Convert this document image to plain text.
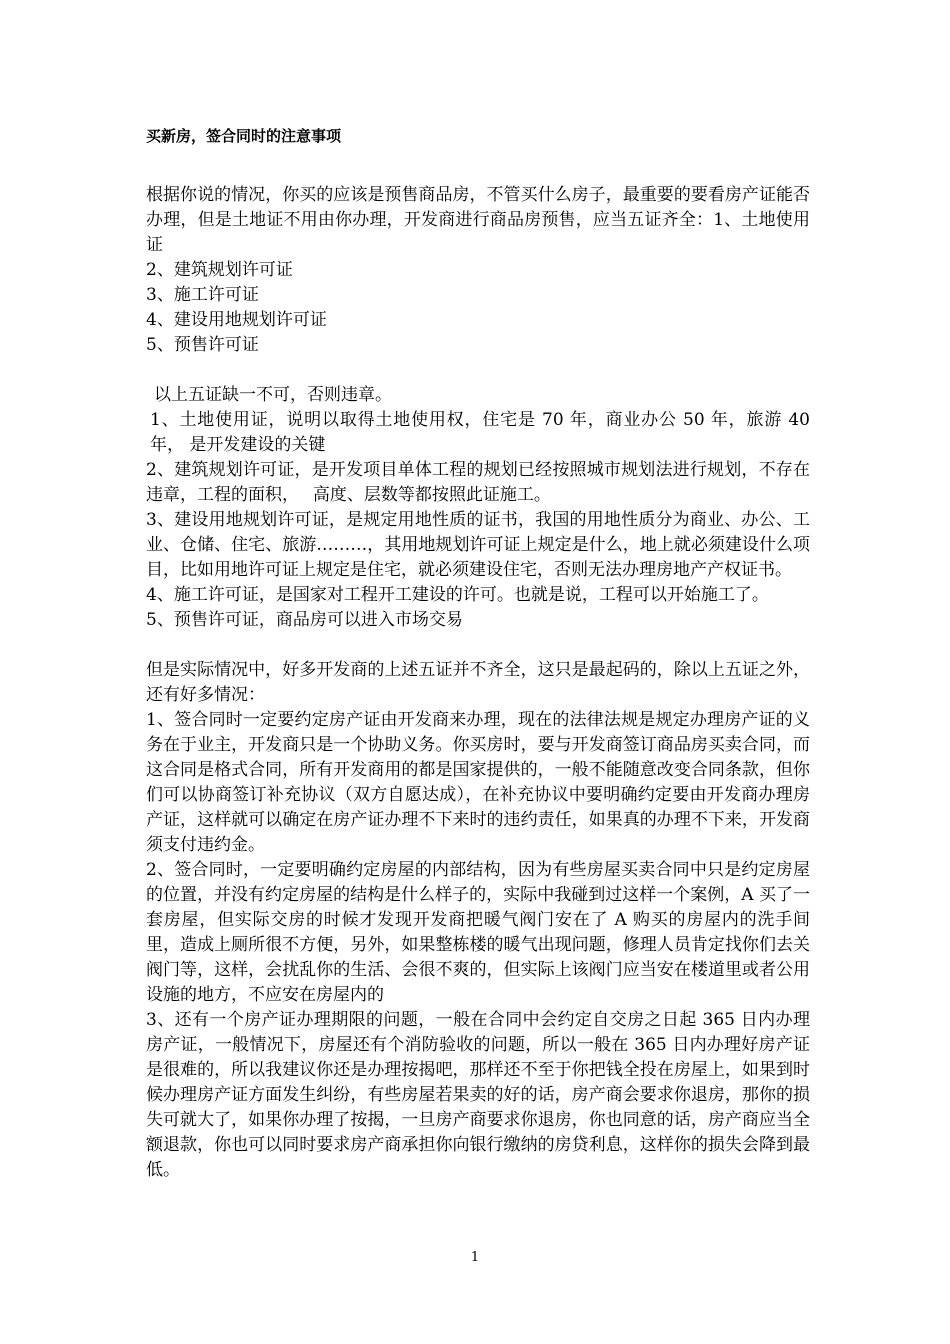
买新房，签合同时的注意事项

根据你说的情况，你买的应该是预售商品房，不管买什么房子，最重要的要看房产证能否办理，但是土地证不用由你办理，开发商进行商品房预售，应当五证齐全：1、土地使用证

2、建筑规划许可证

3、施工许可证

4、建设用地规划许可证

5、预售许可证

以上五证缺一不可，否则违章。

1、土地使用证，说明以取得土地使用权，住宅是 70 年，商业办公 50 年，旅游 40 年， 是开发建设的关键

2、建筑规划许可证，是开发项目单体工程的规划已经按照城市规划法进行规划，不存在违章，工程的面积，　 高度、层数等都按照此证施工。

3、建设用地规划许可证，是规定用地性质的证书，我国的用地性质分为商业、办公、工业、仓储、住宅、旅游………，其用地规划许可证上规定是什么，地上就必须建设什么项目，比如用地许可证上规定是住宅，就必须建设住宅，否则无法办理房地产产权证书。

4、施工许可证，是国家对工程开工建设的许可。也就是说，工程可以开始施工了。

5、预售许可证，商品房可以进入市场交易

但是实际情况中，好多开发商的上述五证并不齐全，这只是最起码的，除以上五证之外，还有好多情况：

1、签合同时一定要约定房产证由开发商来办理，现在的法律法规是规定办理房产证的义务在于业主，开发商只是一个协助义务。你买房时，要与开发商签订商品房买卖合同，而这合同是格式合同，所有开发商用的都是国家提供的，一般不能随意改变合同条款，但你们可以协商签订补充协议（双方自愿达成），在补充协议中要明确约定要由开发商办理房产证，这样就可以确定在房产证办理不下来时的违约责任，如果真的办理不下来，开发商须支付违约金。

2、签合同时，一定要明确约定房屋的内部结构，因为有些房屋买卖合同中只是约定房屋的位置，并没有约定房屋的结构是什么样子的，实际中我碰到过这样一个案例，A 买了一套房屋，但实际交房的时候才发现开发商把暖气阀门安在了 A 购买的房屋内的洗手间里，造成上厕所很不方便，另外，如果整栋楼的暖气出现问题，修理人员肯定找你们去关阀门等，这样，会扰乱你的生活、会很不爽的，但实际上该阀门应当安在楼道里或者公用设施的地方，不应安在房屋内的

3、还有一个房产证办理期限的问题，一般在合同中会约定自交房之日起 365 日内办理房产证，一般情况下，房屋还有个消防验收的问题，所以一般在 365 日内办理好房产证是很难的，所以我建议你还是办理按揭吧，那样还不至于你把钱全投在房屋上，如果到时候办理房产证方面发生纠纷，有些房屋若果卖的好的话，房产商会要求你退房，那你的损失可就大了，如果你办理了按揭，一旦房产商要求你退房，你也同意的话，房产商应当全额退款，你也可以同时要求房产商承担你向银行缴纳的房贷利息，这样你的损失会降到最低。

1
